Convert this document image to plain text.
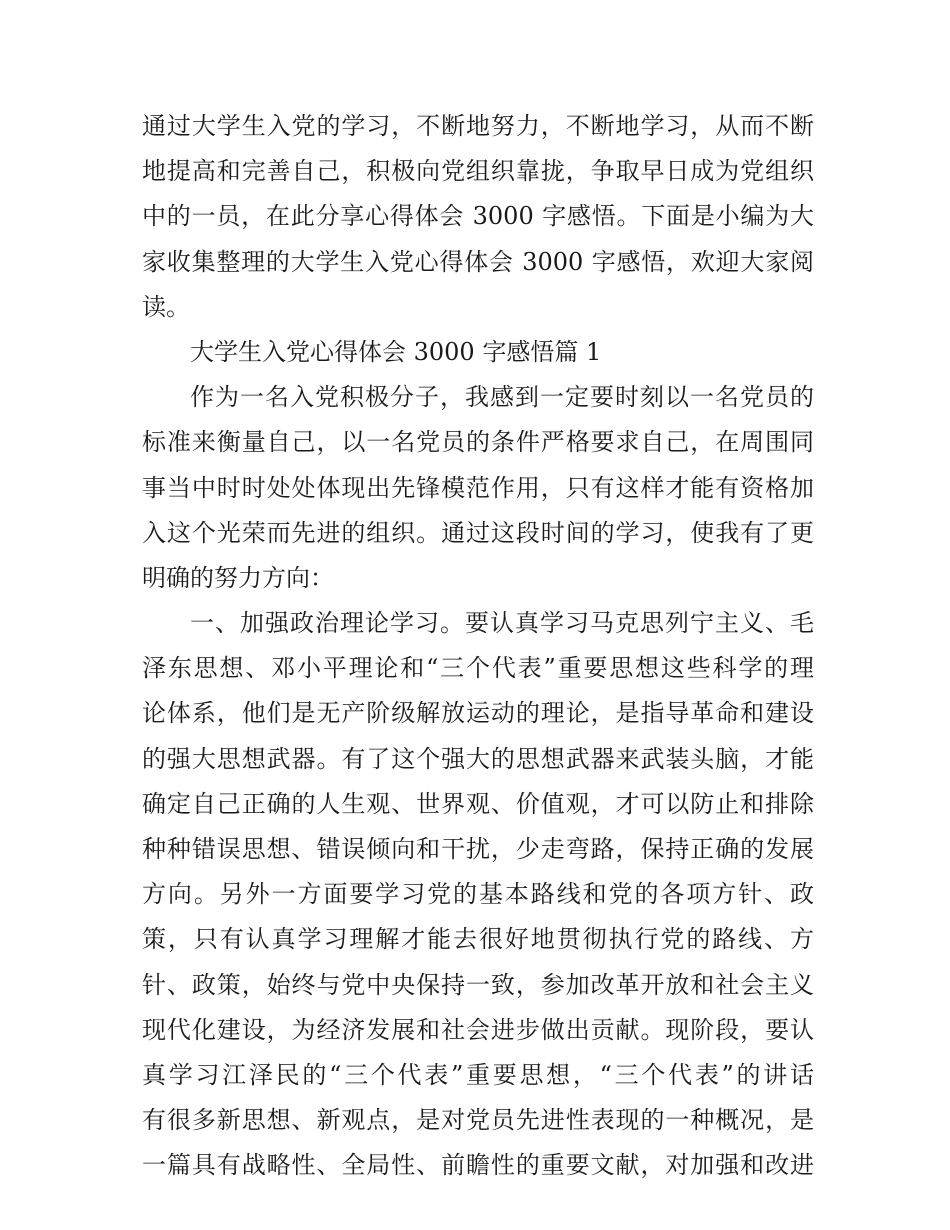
通过大学生入党的学习，不断地努力，不断地学习，从而不断
地提高和完善自己，积极向党组织靠拢，争取早日成为党组织
中的一员，在此分享心得体会 3000 字感悟。下面是小编为大
家收集整理的大学生入党心得体会 3000 字感悟，欢迎大家阅
读。
大学生入党心得体会 3000 字感悟篇 1
作为一名入党积极分子，我感到一定要时刻以一名党员的
标准来衡量自己，以一名党员的条件严格要求自己，在周围同
事当中时时处处体现出先锋模范作用，只有这样才能有资格加
入这个光荣而先进的组织。通过这段时间的学习，使我有了更
明确的努力方向：
一、加强政治理论学习。要认真学习马克思列宁主义、毛
泽东思想、邓小平理论和“三个代表”重要思想这些科学的理
论体系，他们是无产阶级解放运动的理论，是指导革命和建设
的强大思想武器。有了这个强大的思想武器来武装头脑，才能
确定自己正确的人生观、世界观、价值观，才可以防止和排除
种种错误思想、错误倾向和干扰，少走弯路，保持正确的发展
方向。另外一方面要学习党的基本路线和党的各项方针、政
策，只有认真学习理解才能去很好地贯彻执行党的路线、方
针、政策，始终与党中央保持一致，参加改革开放和社会主义
现代化建设，为经济发展和社会进步做出贡献。现阶段，要认
真学习江泽民的“三个代表”重要思想，“三个代表”的讲话
有很多新思想、新观点，是对党员先进性表现的一种概况，是
一篇具有战略性、全局性、前瞻性的重要文献，对加强和改进
